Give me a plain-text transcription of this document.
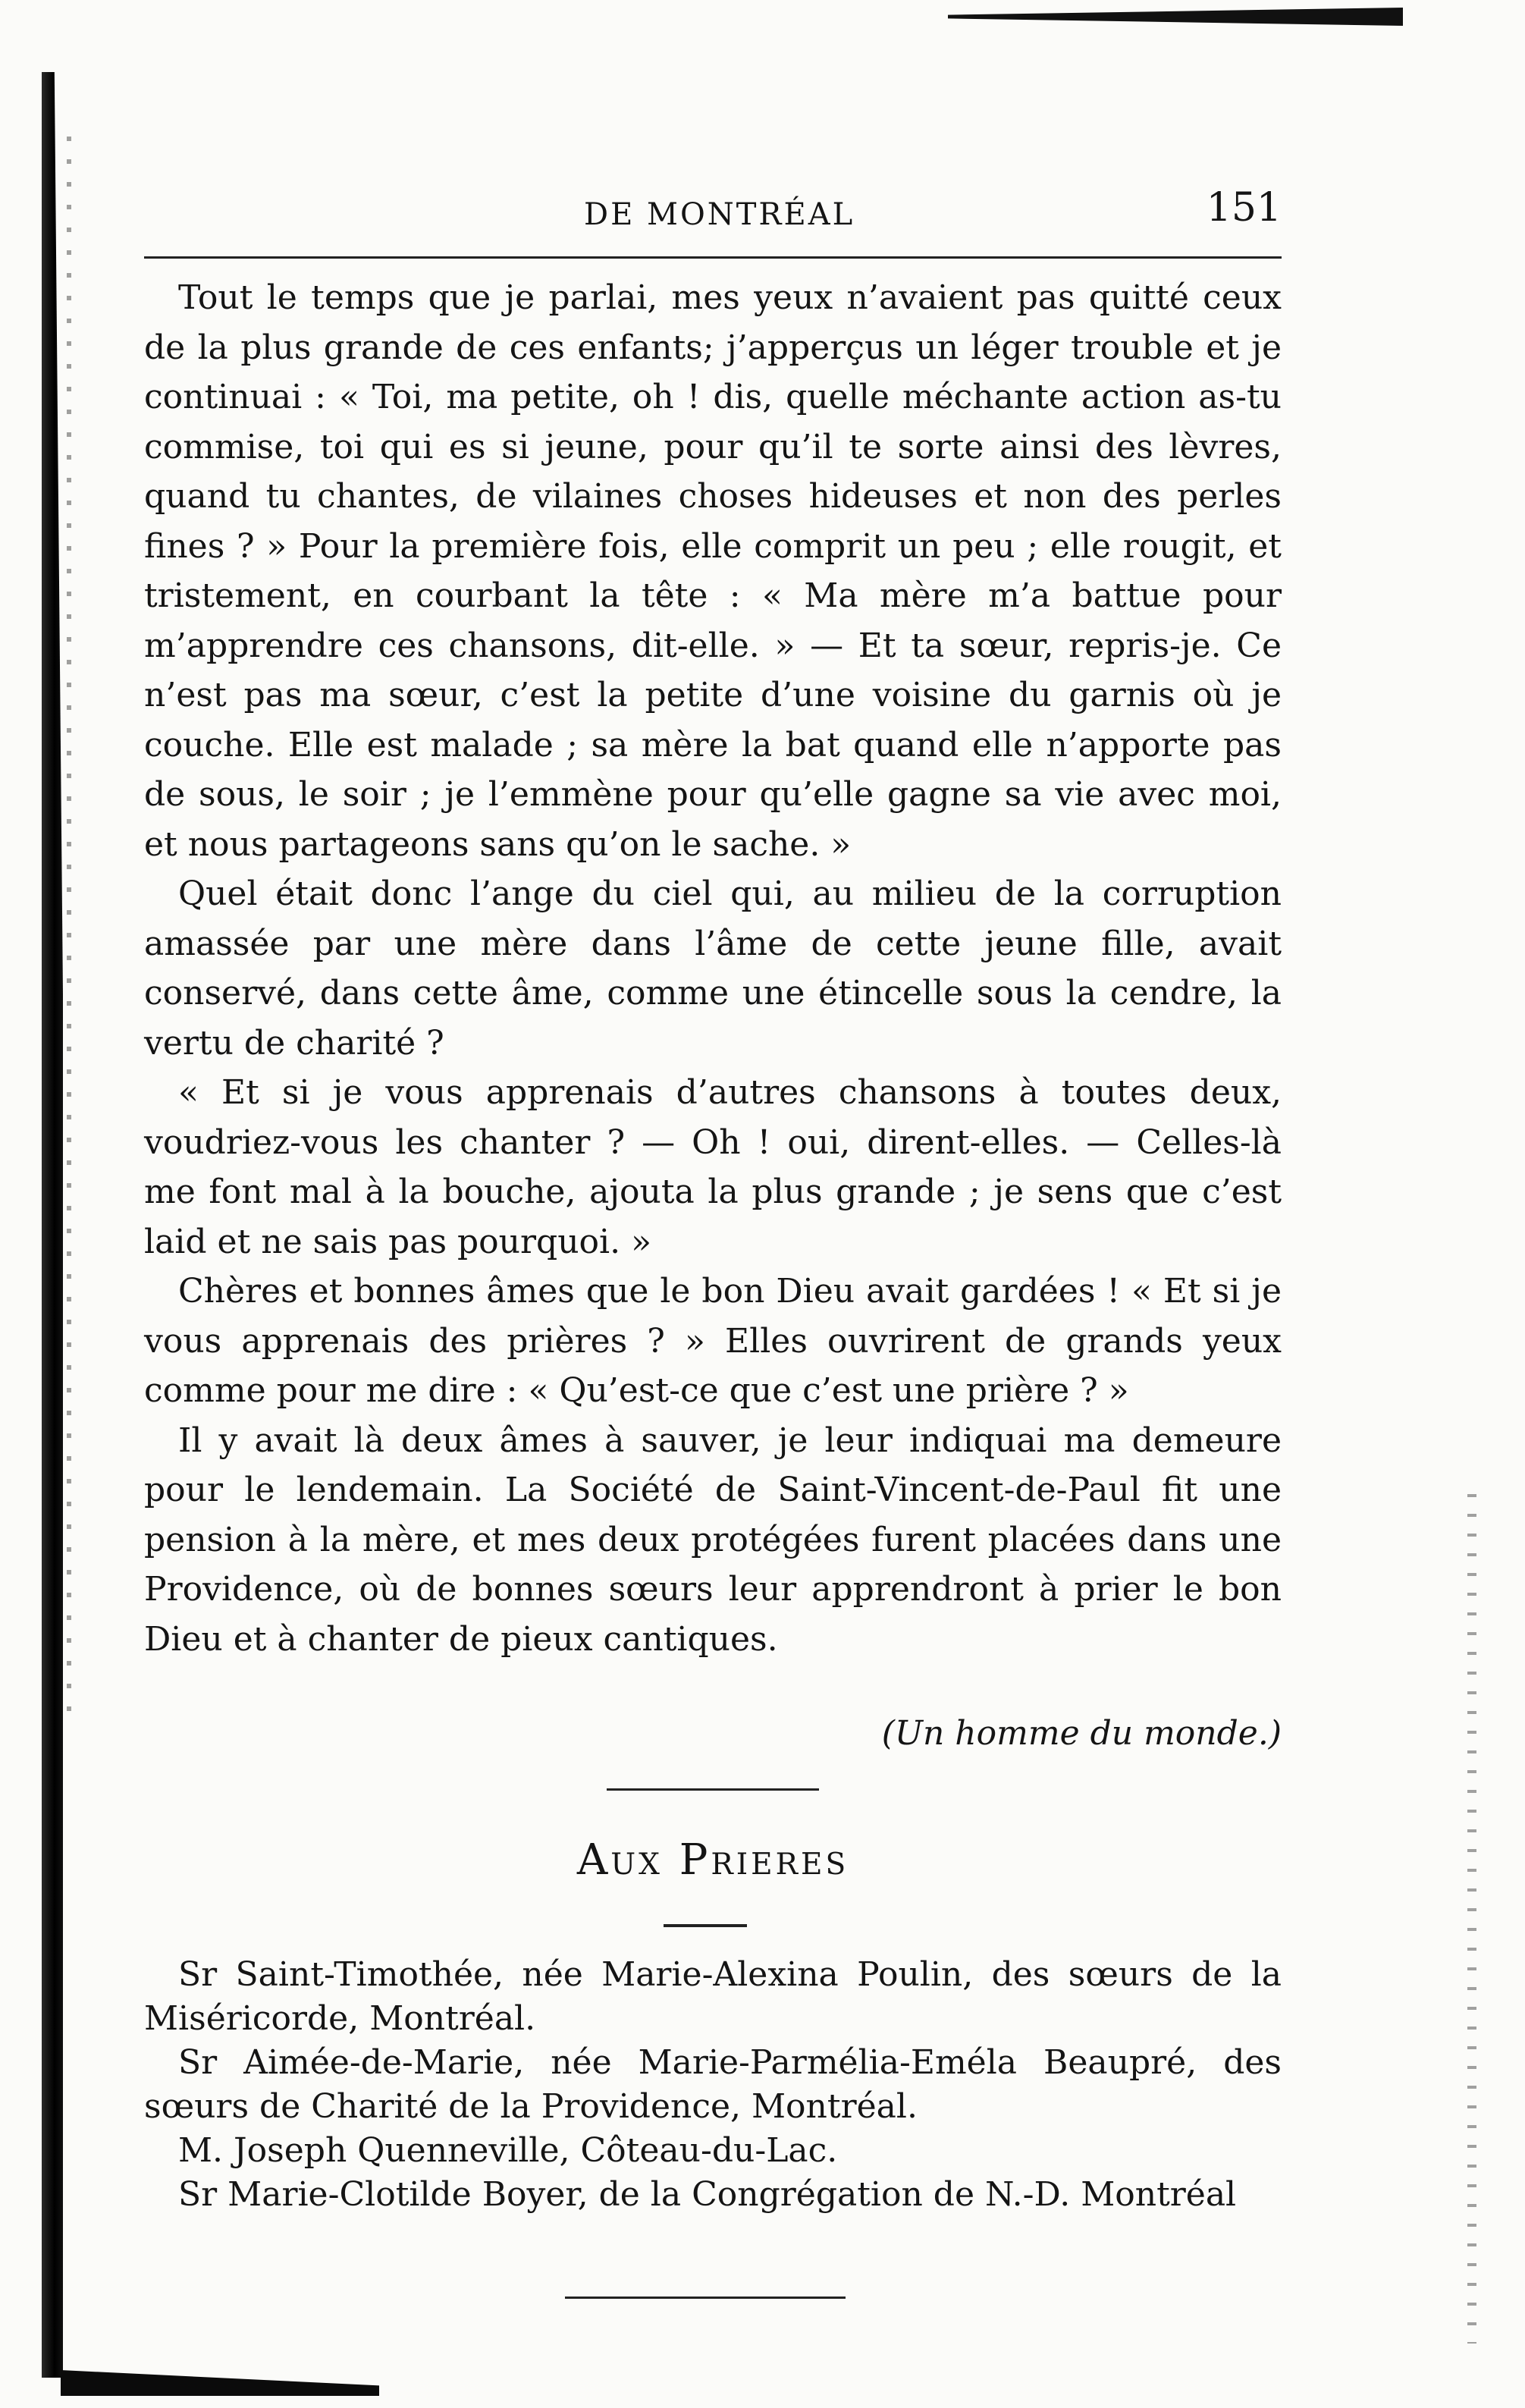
DE MONTRÉAL	151

Tout le temps que je parlai, mes yeux n’avaient pas quitté ceux de la plus grande de ces enfants; j’apperçus un léger trouble et je continuai : « Toi, ma petite, oh ! dis, quelle méchante action as-tu commise, toi qui es si jeune, pour qu’il te sorte ainsi des lèvres, quand tu chantes, de vilaines choses hideuses et non des perles fines ? » Pour la première fois, elle comprit un peu ; elle rougit, et tristement, en courbant la tête : « Ma mère m’a battue pour m’apprendre ces chansons, dit-elle. » — Et ta sœur, repris-je. Ce n’est pas ma sœur, c’est la petite d’une voisine du garnis où je couche. Elle est malade ; sa mère la bat quand elle n’apporte pas de sous, le soir ; je l’emmène pour qu’elle gagne sa vie avec moi, et nous partageons sans qu’on le sache. »

Quel était donc l’ange du ciel qui, au milieu de la corruption amassée par une mère dans l’âme de cette jeune fille, avait conservé, dans cette âme, comme une étincelle sous la cendre, la vertu de charité ?

« Et si je vous apprenais d’autres chansons à toutes deux, voudriez-vous les chanter ? — Oh ! oui, dirent-elles. — Celles-là me font mal à la bouche, ajouta la plus grande ; je sens que c’est laid et ne sais pas pourquoi. »

Chères et bonnes âmes que le bon Dieu avait gardées ! « Et si je vous apprenais des prières ? » Elles ouvrirent de grands yeux comme pour me dire : « Qu’est-ce que c’est une prière ? »

Il y avait là deux âmes à sauver, je leur indiquai ma demeure pour le lendemain. La Société de Saint-Vincent-de-Paul fit une pension à la mère, et mes deux protégées furent placées dans une Providence, où de bonnes sœurs leur apprendront à prier le bon Dieu et à chanter de pieux cantiques.

(Un homme du monde.)
Aux Prieres
Sr Saint-Timothée, née Marie-Alexina Poulin, des sœurs de la Miséricorde, Montréal.
Sr Aimée-de-Marie, née Marie-Parmélia-Eméla Beaupré, des sœurs de Charité de la Providence, Montréal.
M. Joseph Quenneville, Côteau-du-Lac.
Sr Marie-Clotilde Boyer, de la Congrégation de N.-D. Montréal
